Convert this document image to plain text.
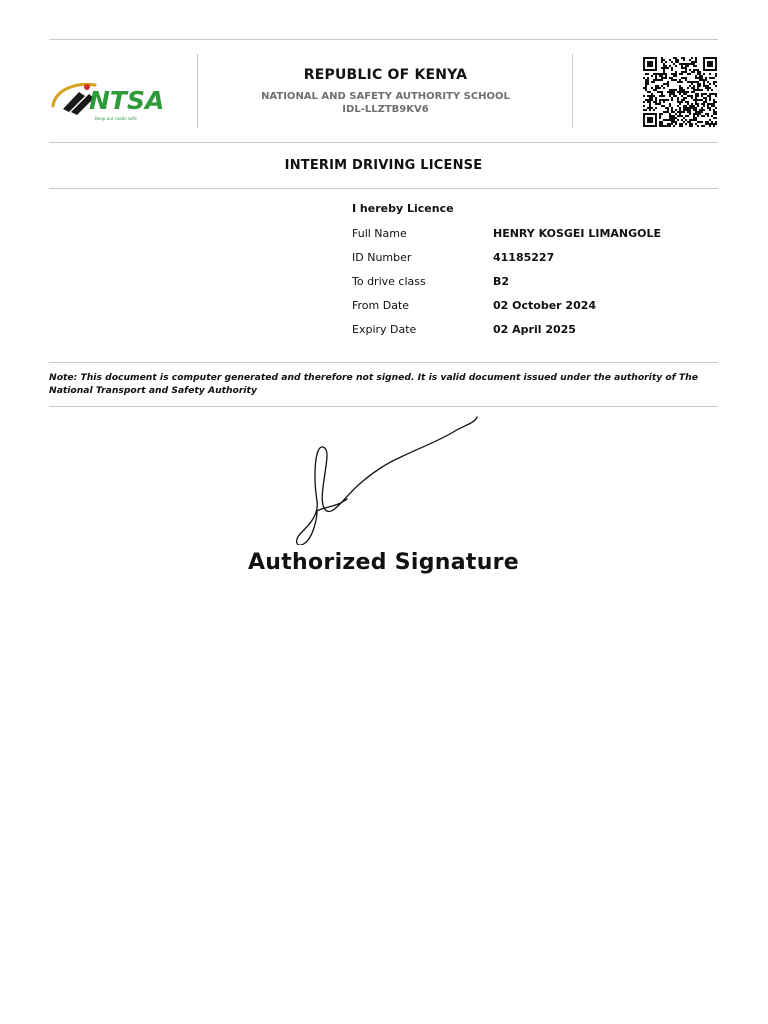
NTSA
Keep our roads safe
REPUBLIC OF KENYA
NATIONAL AND SAFETY AUTHORITY SCHOOL
IDL-LLZTB9KV6
INTERIM DRIVING LICENSE
I hereby Licence
Full Name	HENRY KOSGEI LIMANGOLE
ID Number	41185227
To drive class	B2
From Date	02 October 2024
Expiry Date	02 April 2025
Note: This document is computer generated and therefore not signed. It is valid document issued under the authority of The National Transport and Safety Authority
Authorized Signature
